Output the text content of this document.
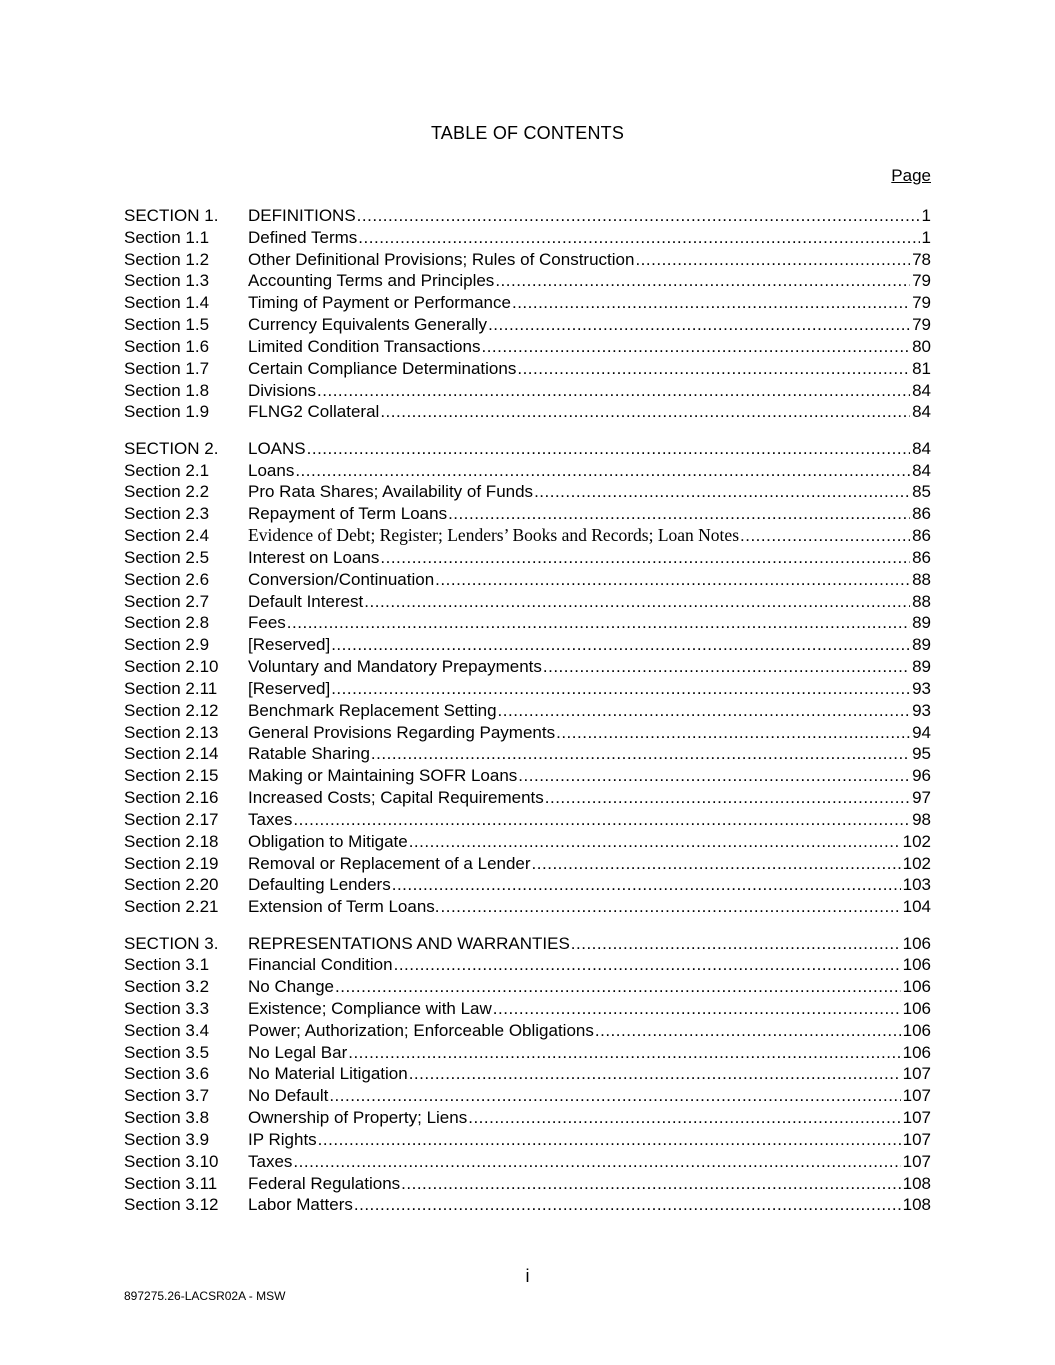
TABLE OF CONTENTS
Page
SECTION 1.	DEFINITIONS .....	1
Section 1.1	Defined Terms .....	1
Section 1.2	Other Definitional Provisions; Rules of Construction .....	78
Section 1.3	Accounting Terms and Principles .....	79
Section 1.4	Timing of Payment or Performance .....	79
Section 1.5	Currency Equivalents Generally .....	79
Section 1.6	Limited Condition Transactions .....	80
Section 1.7	Certain Compliance Determinations .....	81
Section 1.8	Divisions .....	84
Section 1.9	FLNG2 Collateral .....	84
SECTION 2.	LOANS .....	84
Section 2.1	Loans .....	84
Section 2.2	Pro Rata Shares; Availability of Funds .....	85
Section 2.3	Repayment of Term Loans .....	86
Section 2.4	Evidence of Debt; Register; Lenders’ Books and Records; Loan Notes .....	86
Section 2.5	Interest on Loans .....	86
Section 2.6	Conversion/Continuation .....	88
Section 2.7	Default Interest .....	88
Section 2.8	Fees .....	89
Section 2.9	[Reserved] .....	89
Section 2.10	Voluntary and Mandatory Prepayments .....	89
Section 2.11	[Reserved] .....	93
Section 2.12	Benchmark Replacement Setting .....	93
Section 2.13	General Provisions Regarding Payments .....	94
Section 2.14	Ratable Sharing .....	95
Section 2.15	Making or Maintaining SOFR Loans .....	96
Section 2.16	Increased Costs; Capital Requirements .....	97
Section 2.17	Taxes .....	98
Section 2.18	Obligation to Mitigate .....	102
Section 2.19	Removal or Replacement of a Lender .....	102
Section 2.20	Defaulting Lenders .....	103
Section 2.21	Extension of Term Loans. .....	104
SECTION 3.	REPRESENTATIONS AND WARRANTIES .....	106
Section 3.1	Financial Condition .....	106
Section 3.2	No Change .....	106
Section 3.3	Existence; Compliance with Law .....	106
Section 3.4	Power; Authorization; Enforceable Obligations .....	106
Section 3.5	No Legal Bar .....	106
Section 3.6	No Material Litigation .....	107
Section 3.7	No Default .....	107
Section 3.8	Ownership of Property; Liens .....	107
Section 3.9	IP Rights .....	107
Section 3.10	Taxes .....	107
Section 3.11	Federal Regulations .....	108
Section 3.12	Labor Matters .....	108
i
897275.26-LACSR02A - MSW
